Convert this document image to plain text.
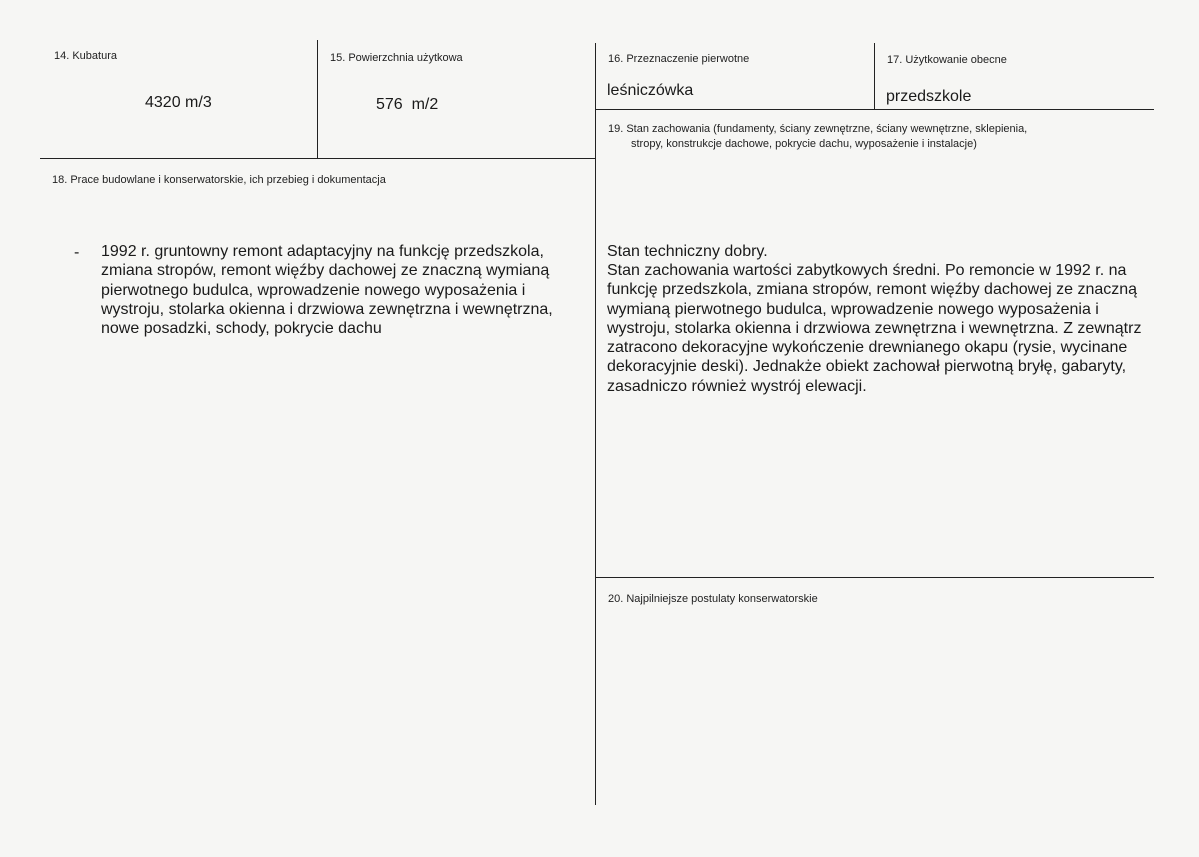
14. Kubatura
4320 m/3
15. Powierzchnia użytkowa
576  m/2
16. Przeznaczenie pierwotne
leśniczówka
17. Użytkowanie obecne
przedszkole
18. Prace budowlane i konserwatorskie, ich przebieg i dokumentacja
- 1992 r. gruntowny remont adaptacyjny na funkcję przedszkola, zmiana stropów, remont więźby dachowej ze znaczną wymianą pierwotnego budulca, wprowadzenie nowego wyposażenia i wystroju, stolarka okienna i drzwiowa zewnętrzna i wewnętrzna, nowe posadzki, schody, pokrycie dachu
19. Stan zachowania (fundamenty, ściany zewnętrzne, ściany wewnętrzne, sklepienia,
stropy, konstrukcje dachowe, pokrycie dachu, wyposażenie i instalacje)
Stan techniczny dobry.
Stan zachowania wartości zabytkowych średni. Po remoncie w 1992 r. na funkcję przedszkola, zmiana stropów, remont więźby dachowej ze znaczną wymianą pierwotnego budulca, wprowadzenie nowego wyposażenia i wystroju, stolarka okienna i drzwiowa zewnętrzna i wewnętrzna. Z zewnątrz zatracono dekoracyjne wykończenie drewnianego okapu (rysie, wycinane dekoracyjnie deski). Jednakże obiekt zachował pierwotną bryłę, gabaryty, zasadniczo również wystrój elewacji.
20. Najpilniejsze postulaty konserwatorskie
